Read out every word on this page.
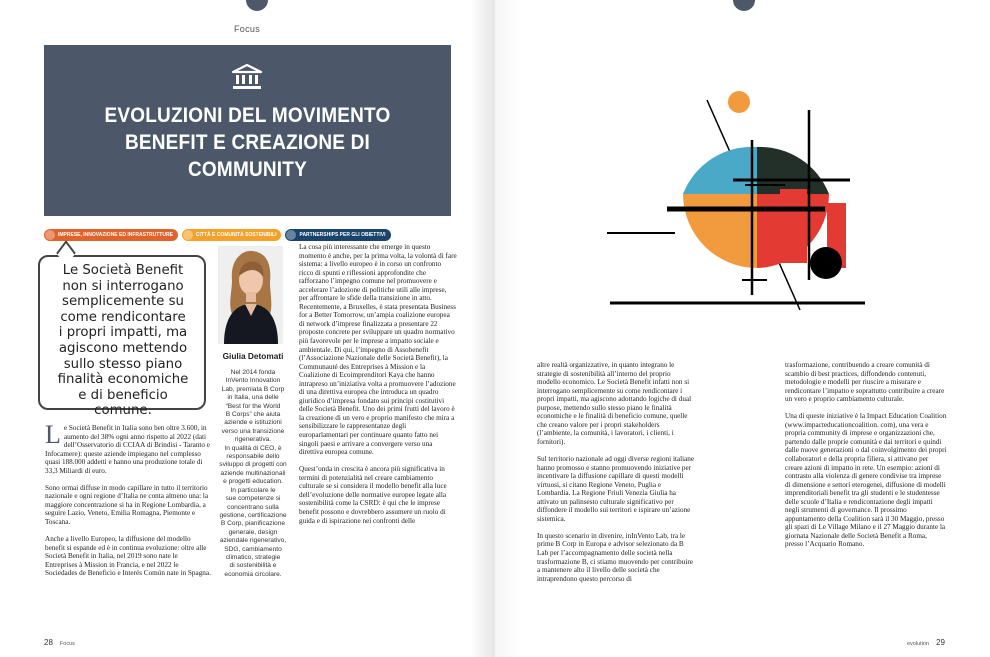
Focus
EVOLUZIONI DEL MOVIMENTO
BENEFIT E CREAZIONE DI
COMMUNITY
IMPRESE, INNOVAZIONE ED INFRASTRUTTURE	CITTÀ E COMUNITÀ SOSTENIBILI	PARTNERSHIPS PER GLI OBIETTIVI
Le Società Benefit
non si interrogano
semplicemente su
come rendicontare
i propri impatti, ma
agiscono mettendo
sullo stesso piano
finalità economiche
e di beneficio
comune.
Giulia Detomati
Nel 2014 fonda
InVento Innovation
Lab, premiata B Corp
in Italia, una delle
“Best for the World
B Corps” che aiuta
aziende e istituzioni
verso una transizione
rigenerativa.
In qualità di CEO, è
responsabile dello
sviluppo di progetti con
aziende multinazionali
e progetti education.
In particolare le
sue competenze si
concentrano sulla
gestione, certificazione
B Corp, pianificazione
generale, design
aziendale rigenerativo,
SDG, cambiamento
climatico, strategie
di sostenibilità e
economia circolare.

Le Società Benefit in Italia sono ben oltre 3.600, in aumento del 38% ogni anno rispetto al 2022 (dati dell’Osservatorio di CCIAA di Brindisi - Taranto e Infocamere): queste aziende impiegano nel complesso quasi 188.000 addetti e hanno una produzione totale di 33,3 Miliardi di euro.

Sono ormai diffuse in modo capillare in tutto il territorio nazionale e ogni regione d’Italia ne conta almeno una: la maggiore concentrazione si ha in Regione Lombardia, a seguire Lazio, Veneto, Emilia Romagna, Piemonte e Toscana.

Anche a livello Europeo, la diffusione del modello benefit si espande ed è in continua evoluzione: oltre alle Società Benefit in Italia, nel 2019 sono nate le Entreprises à Mission in Francia, e nel 2022 le Sociedades de Beneficio e Interés Común nate in Spagna.

La cosa più interessante che emerge in questo momento è anche, per la prima volta, la volontà di fare sistema: a livello europeo è in corso un confronto ricco di spunti e riflessioni approfondite che rafforzano l’impegno comune nel promuovere e accelerare l’adozione di politiche utili alle imprese, per affrontare le sfide della transizione in atto. Recentemente, a Bruxelles, è stata presentata Business for a Better Tomorrow, un’ampia coalizione europea di network d’imprese finalizzata a presentare 22 proposte concrete per sviluppare un quadro normativo più favorevole per le imprese a impatto sociale e ambientale. Di qui, l’impegno di Assobenefit (l’Associazione Nazionale delle Società Benefit), la Communauté des Entreprises à Mission e la Coalizione di Ecoimprenditori Kaya che hanno intrapreso un’iniziativa volta a promuovere l’adozione di una direttiva europea che introduca un quadro giuridico d’impresa fondato sui principi costitutivi delle Società Benefit. Uno dei primi frutti del lavoro è la creazione di un vero e proprio manifesto che mira a sensibilizzare le rappresentanze degli europarlamentari per continuare quanto fatto nei singoli paesi e arrivare a convergere verso una direttiva europea comune.

Quest’onda in crescita è ancora più significativa in termini di potenzialità nel creare cambiamento culturale se si considera il modello benefit alla luce dell’evoluzione delle normative europee legate alla sostenibilità come la CSRD: è qui che le imprese benefit possono e dovrebbero assumere un ruolo di guida e di ispirazione nei confronti delle

28 Focus

altre realtà organizzative, in quanto integrano le strategie di sostenibilità all’interno del proprio modello economico. Le Società Benefit infatti non si interrogano semplicemente su come rendicontare i propri impatti, ma agiscono adottando logiche di dual purpose, mettendo sullo stesso piano le finalità economiche e le finalità di beneficio comune, quelle che creano valore per i propri stakeholders (l’ambiente, la comunità, i lavoratori, i clienti, i fornitori).

Sul territorio nazionale ad oggi diverse regioni italiane hanno promosso e stanno promuovendo iniziative per incentivare la diffusione capillare di questi modelli virtuosi, si citano Regione Veneto, Puglia e Lombardia. La Regione Friuli Venezia Giulia ha attivato un palinsesto culturale significativo per diffondere il modello sui territori e ispirare un’azione sistemica.

In questo scenario in divenire, inInVento Lab, tra le prime B Corp in Europa e advisor selezionato da B Lab per l’accompagnamento delle società nella trasformazione B, ci stiamo muovendo per contribuire a mantenere alto il livello delle società che intraprendono questo percorso di

trasformazione, contribuendo a creare comunità di scambio di best practices, diffondendo contenuti, metodologie e modelli per riuscire a misurare e rendicontare l’impatto e soprattutto contribuire a creare un vero e proprio cambiamento culturale.

Una di queste iniziative è la Impact Education Coalition (www.impacteducationcoalition. com), una vera e propria community di imprese e organizzazioni che, partendo dalle proprie comunità e dai territori e quindi dalle nuove generazioni o dal coinvolgimento dei propri collaboratori e della propria filiera, si attivano per creare azioni di impatto in rete. Un esempio: azioni di contrasto alla violenza di genere condivise tra imprese di dimensione e settori eterogenei, diffusione di modelli imprenditoriali benefit tra gli studenti e le studentesse delle scuole d’Italia e rendicontazione degli impatti negli strumenti di governance. Il prossimo appuntamento della Coalition sarà il 30 Maggio, presso gli spazi di Le Village Milano e il 27 Maggio durante la giornata Nazionale delle Società Benefit a Roma, presso l’Acquario Romano.

evolution 29
